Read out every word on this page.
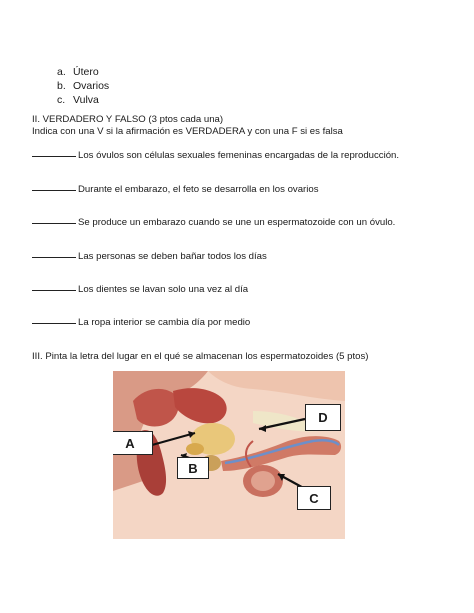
a. Útero
b. Ovarios
c. Vulva
II. VERDADERO Y FALSO (3 ptos cada una)
Indica con una V si la afirmación es VERDADERA y con una F si es falsa
Los óvulos son células sexuales femeninas encargadas de la reproducción.
Durante el embarazo, el feto se desarrolla en los ovarios
Se produce un embarazo cuando se une un espermatozoide con un óvulo.
Las personas se deben bañar todos los días
Los dientes se lavan solo una vez al día
La ropa interior se cambia día por medio
III. Pinta la letra del lugar en el qué se almacenan los espermatozoides (5 ptos)
A
B
C
D
